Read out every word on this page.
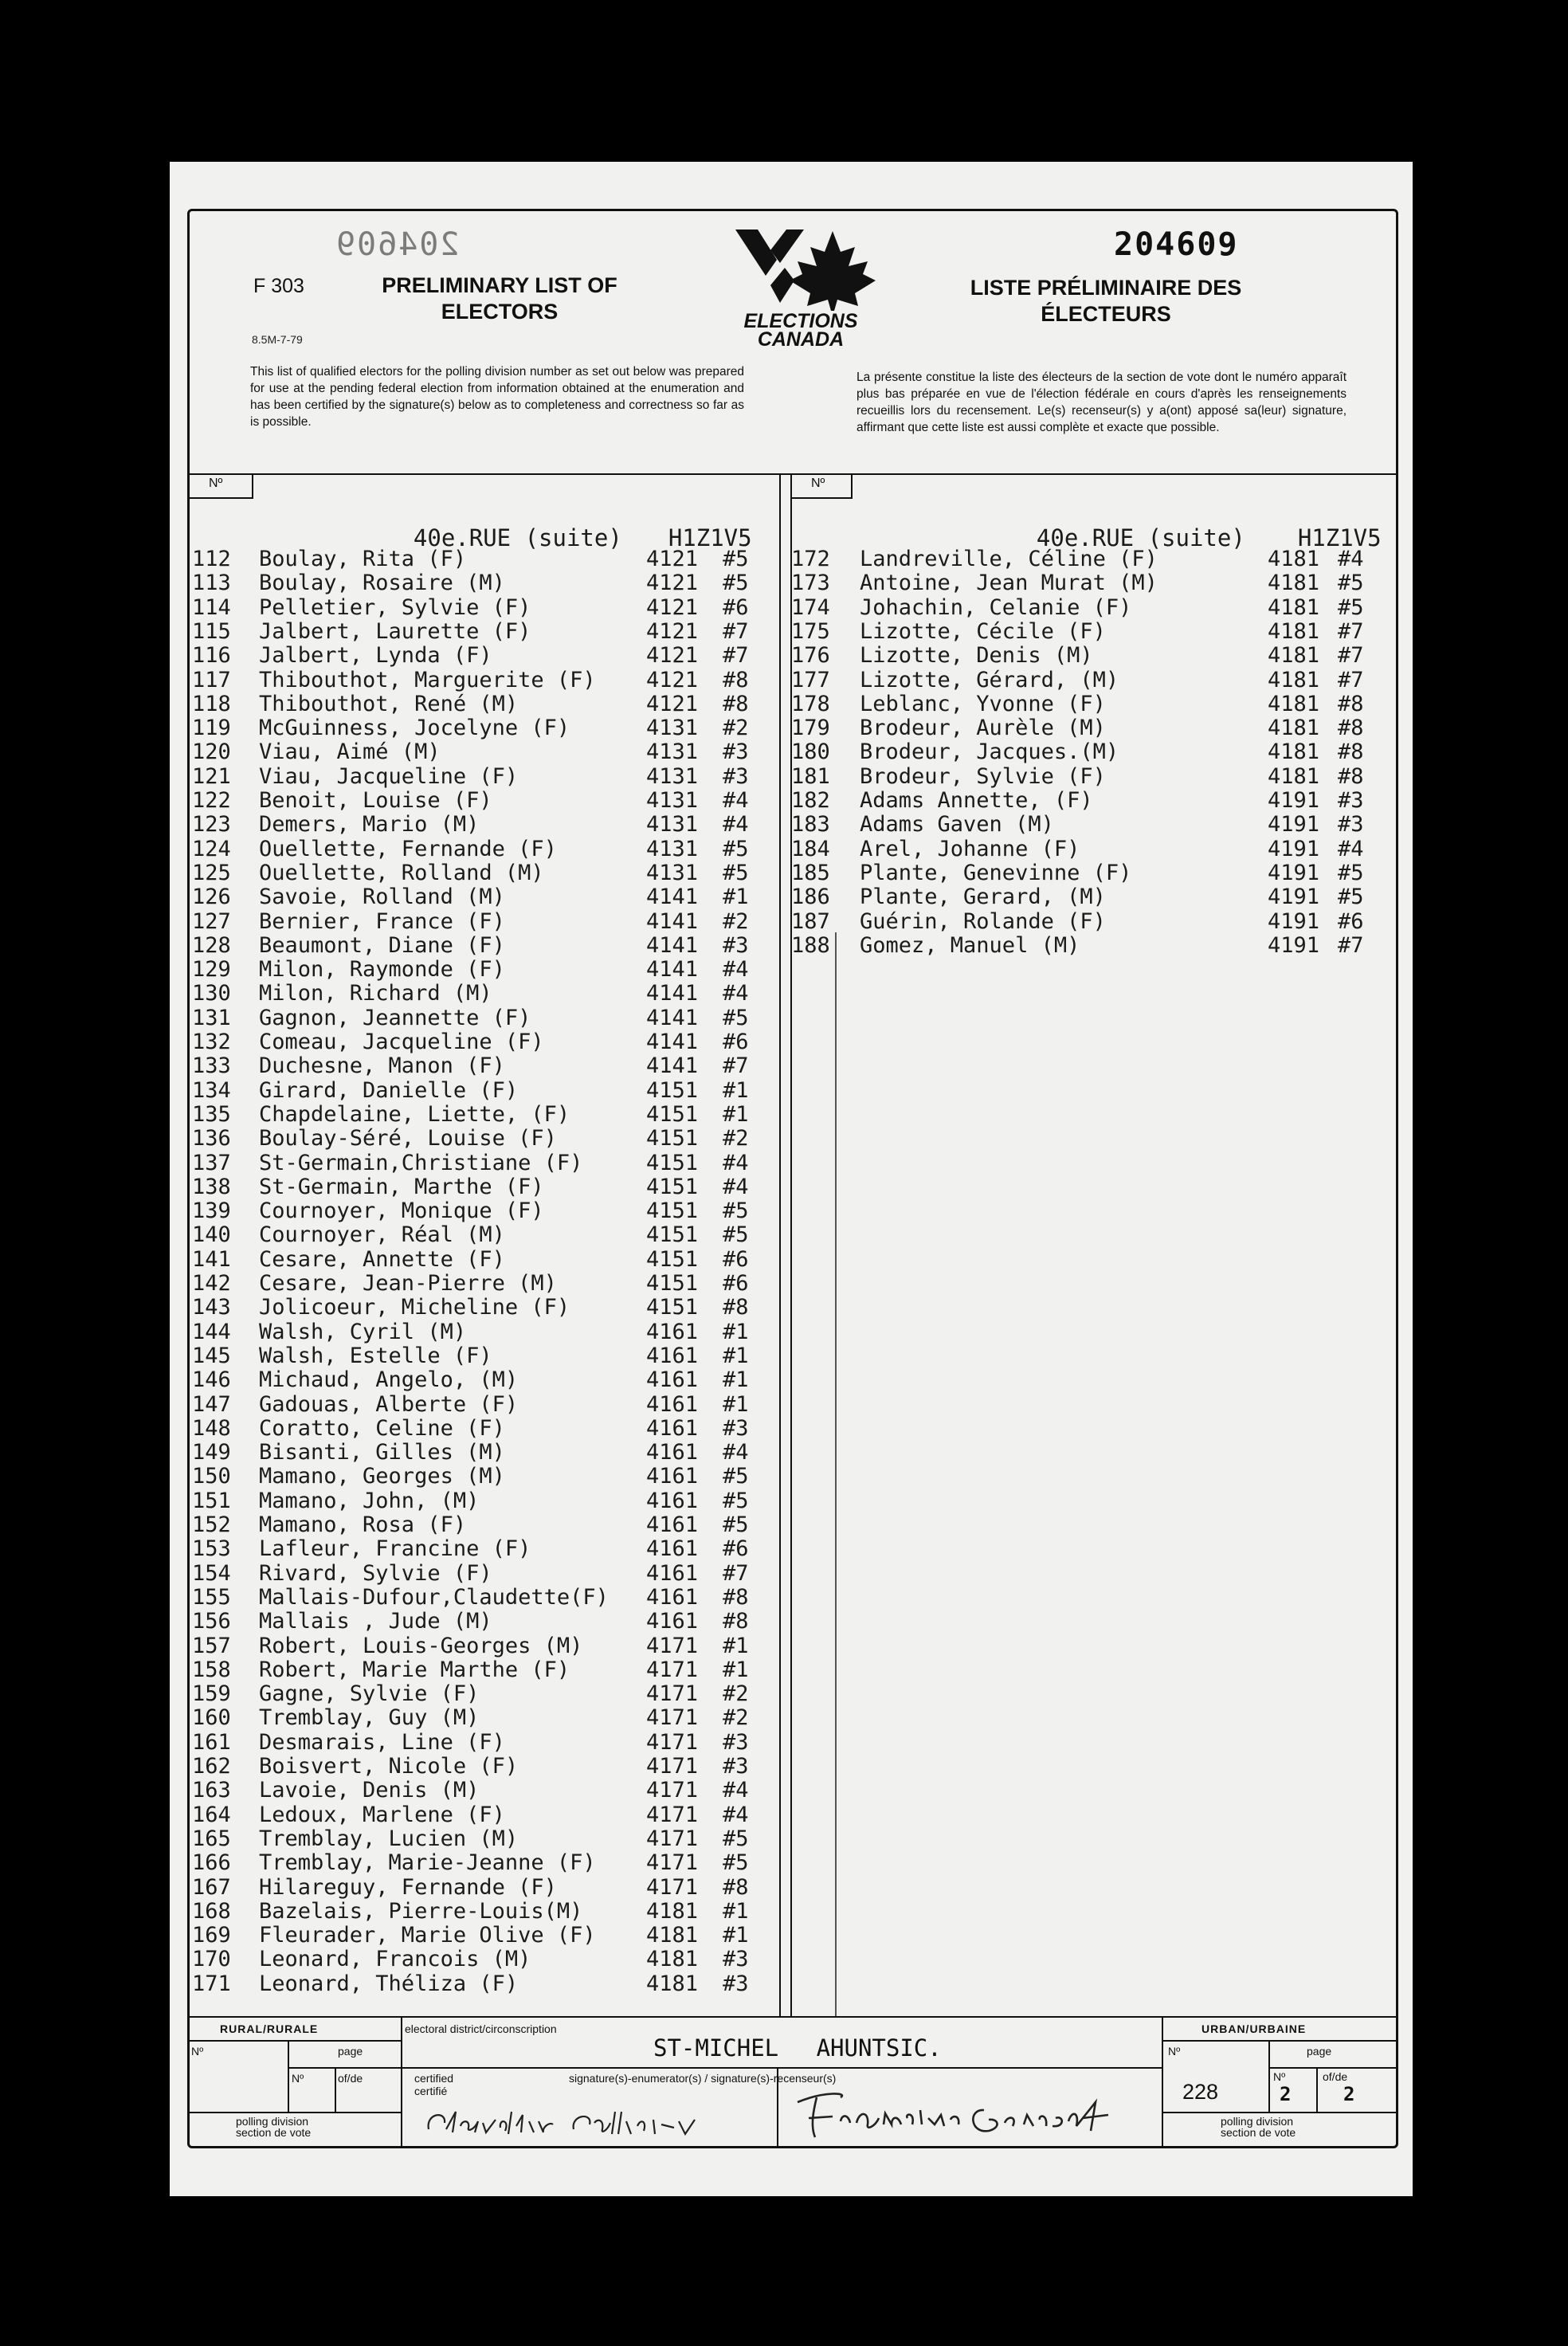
204609	204609
F 303
8.5M-7-79
PRELIMINARY LIST OF
ELECTORS
LISTE PRÉLIMINAIRE DES
ÉLECTEURS
ELECTIONS
CANADA
This list of qualified electors for the polling division number as set out below was prepared for use at the pending federal election from information obtained at the enumeration and has been certified by the signature(s) below as to completeness and correctness so far as is possible.
La présente constitue la liste des électeurs de la section de vote dont le numéro apparaît plus bas préparée en vue de l'élection fédérale en cours d'après les renseignements recueillis lors du recensement. Le(s) recenseur(s) y a(ont) apposé sa(leur) signature, affirmant que cette liste est aussi complète et exacte que possible.
Nº	Nº

40e.RUE (suite) H1Z1V5

112 Boulay, Rita (F)	4121 #5
113 Boulay, Rosaire (M)	4121 #5
114 Pelletier, Sylvie (F)	4121 #6
115 Jalbert, Laurette (F)	4121 #7
116 Jalbert, Lynda (F)	4121 #7
117 Thibouthot, Marguerite (F) 4121 #8
118 Thibouthot, René (M)	4121 #8
119 McGuinness, Jocelyne (F)	4131 #2
120 Viau, Aimé (M)	4131 #3
121 Viau, Jacqueline (F)	4131 #3
122 Benoit, Louise (F)	4131 #4
123 Demers, Mario (M)	4131 #4
124 Ouellette, Fernande (F)	4131 #5
125 Ouellette, Rolland (M)	4131 #5
126 Savoie, Rolland (M)	4141 #1
127 Bernier, France (F)	4141 #2
128 Beaumont, Diane (F)	4141 #3
129 Milon, Raymonde (F)	4141 #4
130 Milon, Richard (M)	4141 #4
131 Gagnon, Jeannette (F)	4141 #5
132 Comeau, Jacqueline (F)	4141 #6
133 Duchesne, Manon (F)	4141 #7
134 Girard, Danielle (F)	4151 #1
135 Chapdelaine, Liette, (F)	4151 #1
136 Boulay-Séré, Louise (F)	4151 #2
137 St-Germain,Christiane (F)	4151 #4
138 St-Germain, Marthe (F)	4151 #4
139 Cournoyer, Monique (F)	4151 #5
140 Cournoyer, Réal (M)	4151 #5
141 Cesare, Annette (F)	4151 #6
142 Cesare, Jean-Pierre (M)	4151 #6
143 Jolicoeur, Micheline (F)	4151 #8
144 Walsh, Cyril (M)	4161 #1
145 Walsh, Estelle (F)	4161 #1
146 Michaud, Angelo, (M)	4161 #1
147 Gadouas, Alberte (F)	4161 #1
148 Coratto, Celine (F)	4161 #3
149 Bisanti, Gilles (M)	4161 #4
150 Mamano, Georges (M)	4161 #5
151 Mamano, John, (M)	4161 #5
152 Mamano, Rosa (F)	4161 #5
153 Lafleur, Francine (F)	4161 #6
154 Rivard, Sylvie (F)	4161 #7
155 Mallais-Dufour,Claudette(F) 4161 #8
156 Mallais , Jude (M)	4161 #8
157 Robert, Louis-Georges (M)	4171 #1
158 Robert, Marie Marthe (F)	4171 #1
159 Gagne, Sylvie (F)	4171 #2
160 Tremblay, Guy (M)	4171 #2
161 Desmarais, Line (F)	4171 #3
162 Boisvert, Nicole (F)	4171 #3
163 Lavoie, Denis (M)	4171 #4
164 Ledoux, Marlene (F)	4171 #4
165 Tremblay, Lucien (M)	4171 #5
166 Tremblay, Marie-Jeanne (F) 4171 #5
167 Hilareguy, Fernande (F)	4171 #8
168 Bazelais, Pierre-Louis(M)	4181 #1
169 Fleurader, Marie Olive (F) 4181 #1
170 Leonard, Francois (M)	4181 #3
171 Leonard, Théliza (F)	4181 #3

40e.RUE (suite) H1Z1V5

172 Landreville, Céline (F)	4181 #4
173 Antoine, Jean Murat (M)	4181 #5
174 Johachin, Celanie (F)	4181 #5
175 Lizotte, Cécile (F)	4181 #7
176 Lizotte, Denis (M)	4181 #7
177 Lizotte, Gérard, (M)	4181 #7
178 Leblanc, Yvonne (F)	4181 #8
179 Brodeur, Aurèle (M)	4181 #8
180 Brodeur, Jacques.(M)	4181 #8
181 Brodeur, Sylvie (F)	4181 #8
182 Adams Annette, (F)	4191 #3
183 Adams Gaven (M)	4191 #3
184 Arel, Johanne (F)	4191 #4
185 Plante, Genevinne (F)	4191 #5
186 Plante, Gerard, (M)	4191 #5
187 Guérin, Rolande (F)	4191 #6
188 Gomez, Manuel (M)	4191 #7
RURAL/RURALE	electoral district/circonscription	URBAN/URBAINE
ST-MICHEL AHUNTSIC.
Nº	page
Nº	of/de
polling division
section de vote
certified
certifié
signature(s)-enumerator(s) / signature(s)-recenseur(s)
Nº	page
Nº	of/de
228	2	2
polling division
section de vote
